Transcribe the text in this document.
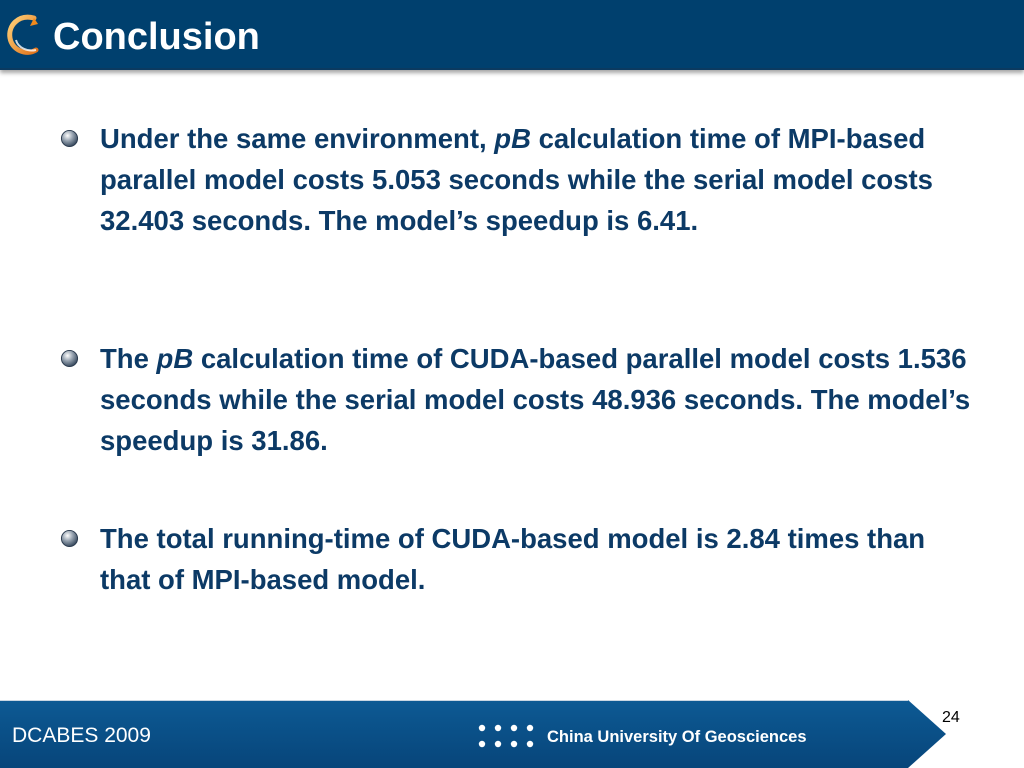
Conclusion
Under the same environment, pB calculation time of MPI-based parallel model costs 5.053 seconds while the serial model costs 32.403 seconds. The model’s speedup is 6.41.
The pB calculation time of CUDA-based parallel model costs 1.536 seconds while the serial model costs 48.936 seconds. The model’s speedup is 31.86.
The total running-time of CUDA-based model is 2.84 times than that of MPI-based model.
DCABES 2009	China University Of Geosciences
24
